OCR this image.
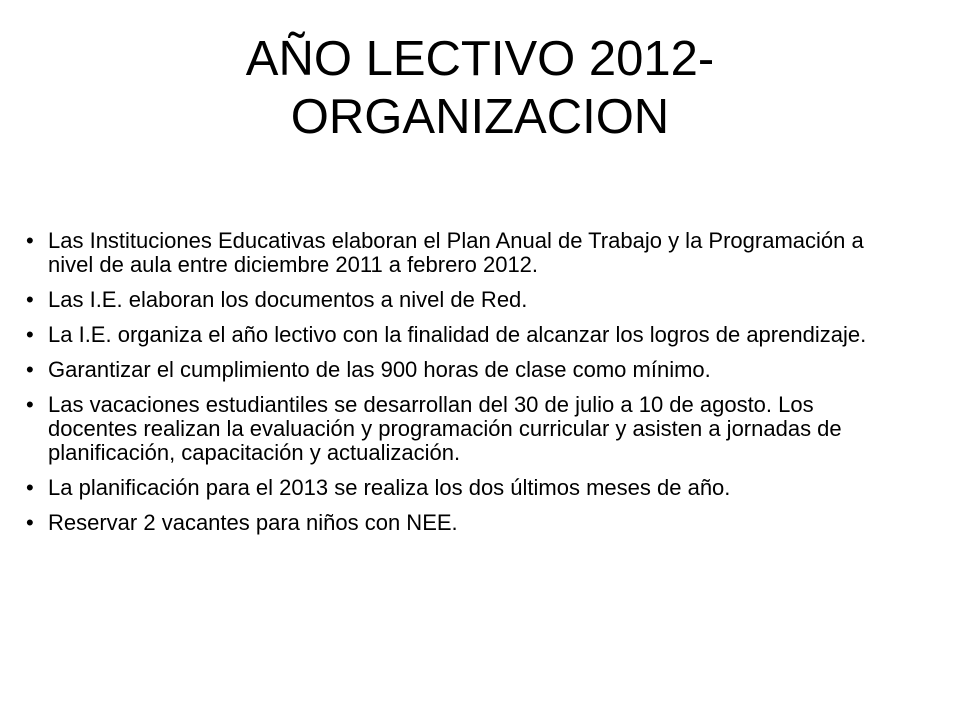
AÑO LECTIVO 2012-
ORGANIZACION
• Las Instituciones Educativas elaboran el Plan Anual de Trabajo y la Programación a nivel de aula entre diciembre 2011 a febrero 2012.
• Las I.E. elaboran los documentos a nivel de Red.
• La I.E. organiza el año lectivo con la finalidad de alcanzar los logros de aprendizaje.
• Garantizar el cumplimiento de las 900 horas de clase como mínimo.
• Las vacaciones estudiantiles se desarrollan del 30 de julio a 10 de agosto. Los docentes realizan la evaluación y programación curricular y asisten a jornadas de planificación, capacitación y actualización.
• La planificación para el 2013 se realiza los dos últimos meses de año.
• Reservar 2 vacantes para niños con NEE.
